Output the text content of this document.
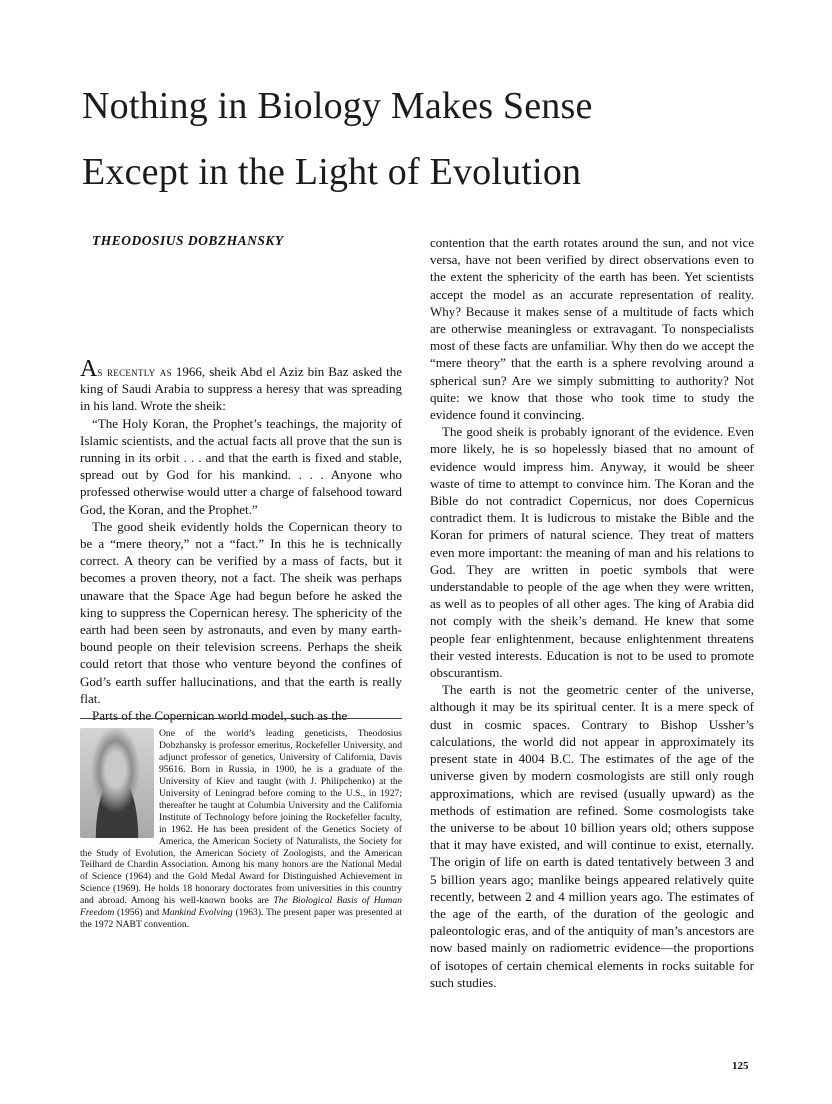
Nothing in Biology Makes Sense
Except in the Light of Evolution
THEODOSIUS DOBZHANSKY

As recently as 1966, sheik Abd el Aziz bin Baz asked the king of Saudi Arabia to suppress a heresy that was spreading in his land. Wrote the sheik:

“The Holy Koran, the Prophet’s teachings, the majority of Islamic scientists, and the actual facts all prove that the sun is running in its orbit . . . and that the earth is fixed and stable, spread out by God for his mankind. . . . Anyone who professed otherwise would utter a charge of falsehood toward God, the Koran, and the Prophet.”

The good sheik evidently holds the Copernican theory to be a “mere theory,” not a “fact.” In this he is technically correct. A theory can be verified by a mass of facts, but it becomes a proven theory, not a fact. The sheik was perhaps unaware that the Space Age had begun before he asked the king to suppress the Copernican heresy. The sphericity of the earth had been seen by astronauts, and even by many earth-bound people on their television screens. Perhaps the sheik could retort that those who venture beyond the confines of God’s earth suffer hallucinations, and that the earth is really flat.

Parts of the Copernican world model, such as the

One of the world’s leading geneticists, Theodosius Dobzhansky is professor emeritus, Rockefeller University, and adjunct professor of genetics, University of California, Davis 95616. Born in Russia, in 1900, he is a graduate of the University of Kiev and taught (with J. Philipchenko) at the University of Leningrad before coming to the U.S., in 1927; thereafter he taught at Columbia University and the California Institute of Technology before joining the Rockefeller faculty, in 1962. He has been president of the Genetics Society of America, the American Society of Naturalists, the Society for the Study of Evolution, the American Society of Zoologists, and the American Teilhard de Chardin Association. Among his many honors are the National Medal of Science (1964) and the Gold Medal Award for Distinguished Achievement in Science (1969). He holds 18 honorary doctorates from universities in this country and abroad. Among his well-known books are The Biological Basis of Human Freedom (1956) and Mankind Evolving (1963). The present paper was presented at the 1972 NABT convention.

contention that the earth rotates around the sun, and not vice versa, have not been verified by direct observations even to the extent the sphericity of the earth has been. Yet scientists accept the model as an accurate representation of reality. Why? Because it makes sense of a multitude of facts which are otherwise meaningless or extravagant. To nonspecialists most of these facts are unfamiliar. Why then do we accept the “mere theory” that the earth is a sphere revolving around a spherical sun? Are we simply submitting to authority? Not quite: we know that those who took time to study the evidence found it convincing.

The good sheik is probably ignorant of the evidence. Even more likely, he is so hopelessly biased that no amount of evidence would impress him. Anyway, it would be sheer waste of time to attempt to convince him. The Koran and the Bible do not contradict Copernicus, nor does Copernicus contradict them. It is ludicrous to mistake the Bible and the Koran for primers of natural science. They treat of matters even more important: the meaning of man and his relations to God. They are written in poetic symbols that were understandable to people of the age when they were written, as well as to peoples of all other ages. The king of Arabia did not comply with the sheik’s demand. He knew that some people fear enlightenment, because enlightenment threatens their vested interests. Education is not to be used to promote obscurantism.

The earth is not the geometric center of the universe, although it may be its spiritual center. It is a mere speck of dust in cosmic spaces. Contrary to Bishop Ussher’s calculations, the world did not appear in approximately its present state in 4004 B.C. The estimates of the age of the universe given by modern cosmologists are still only rough approximations, which are revised (usually upward) as the methods of estimation are refined. Some cosmologists take the universe to be about 10 billion years old; others suppose that it may have existed, and will continue to exist, eternally. The origin of life on earth is dated tentatively between 3 and 5 billion years ago; manlike beings appeared relatively quite recently, between 2 and 4 million years ago. The estimates of the age of the earth, of the duration of the geologic and paleontologic eras, and of the antiquity of man’s ancestors are now based mainly on radiometric evidence—the proportions of isotopes of certain chemical elements in rocks suitable for such studies.

125
